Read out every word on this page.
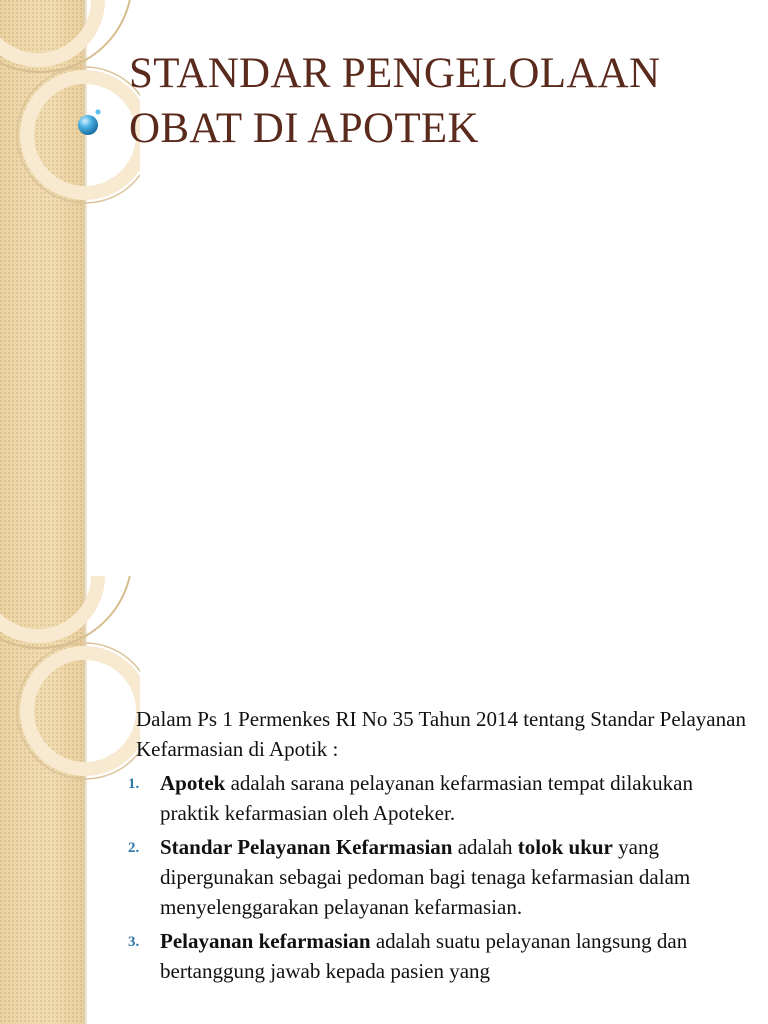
STANDAR PENGELOLAAN OBAT DI APOTEK

Dalam Ps 1 Permenkes RI No 35 Tahun 2014 tentang Standar Pelayanan Kefarmasian di Apotik :

1. Apotek adalah sarana pelayanan kefarmasian tempat dilakukan praktik kefarmasian oleh Apoteker.
2. Standar Pelayanan Kefarmasian adalah tolok ukur yang dipergunakan sebagai pedoman bagi tenaga kefarmasian dalam menyelenggarakan pelayanan kefarmasian.
3. Pelayanan kefarmasian adalah suatu pelayanan langsung dan bertanggung jawab kepada pasien yang
